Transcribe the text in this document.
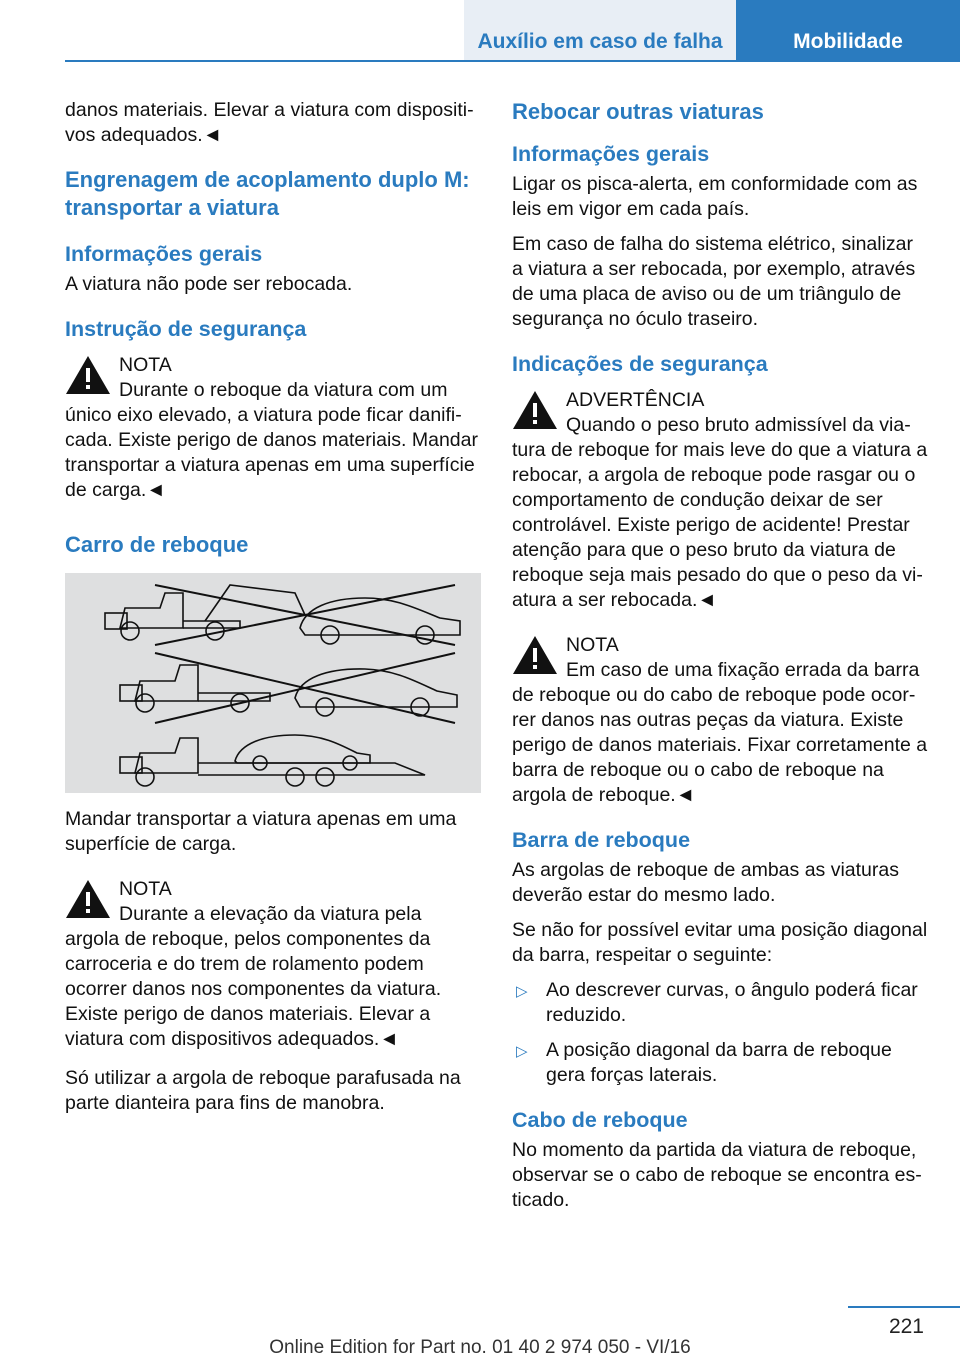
Auxílio em caso de falha	Mobilidade

danos materiais. Elevar a viatura com dispositivos adequados.◄

Engrenagem de acoplamento duplo M: transportar a viatura
Informações gerais

A viatura não pode ser rebocada.

Instrução de segurança
NOTA
Durante o reboque da viatura com um único eixo elevado, a viatura pode ficar danificada. Existe perigo de danos materiais. Mandar transportar a viatura apenas em uma superfície de carga.◄
Carro de reboque

Mandar transportar a viatura apenas em uma superfície de carga.

NOTA
Durante a elevação da viatura pela argola de reboque, pelos componentes da carroceria e do trem de rolamento podem ocorrer danos nos componentes da viatura. Existe perigo de danos materiais. Elevar a viatura com dispositivos adequados.◄

Só utilizar a argola de reboque parafusada na parte dianteira para fins de manobra.

Rebocar outras viaturas
Informações gerais

Ligar os pisca-alerta, em conformidade com as leis em vigor em cada país.

Em caso de falha do sistema elétrico, sinalizar a viatura a ser rebocada, por exemplo, através de uma placa de aviso ou de um triângulo de segurança no óculo traseiro.

Indicações de segurança
ADVERTÊNCIA
Quando o peso bruto admissível da viatura de reboque for mais leve do que a viatura a rebocar, a argola de reboque pode rasgar ou o comportamento de condução deixar de ser controlável. Existe perigo de acidente! Prestar atenção para que o peso bruto da viatura de reboque seja mais pesado do que o peso da viatura a ser rebocada.◄
NOTA
Em caso de uma fixação errada da barra de reboque ou do cabo de reboque pode ocorrer danos nas outras peças da viatura. Existe perigo de danos materiais. Fixar corretamente a barra de reboque ou o cabo de reboque na argola de reboque.◄
Barra de reboque

As argolas de reboque de ambas as viaturas deverão estar do mesmo lado.

Se não for possível evitar uma posição diagonal da barra, respeitar o seguinte:

▷ Ao descrever curvas, o ângulo poderá ficar reduzido.
▷ A posição diagonal da barra de reboque gera forças laterais.
Cabo de reboque

No momento da partida da viatura de reboque, observar se o cabo de reboque se encontra esticado.

221
Online Edition for Part no. 01 40 2 974 050 - VI/16
